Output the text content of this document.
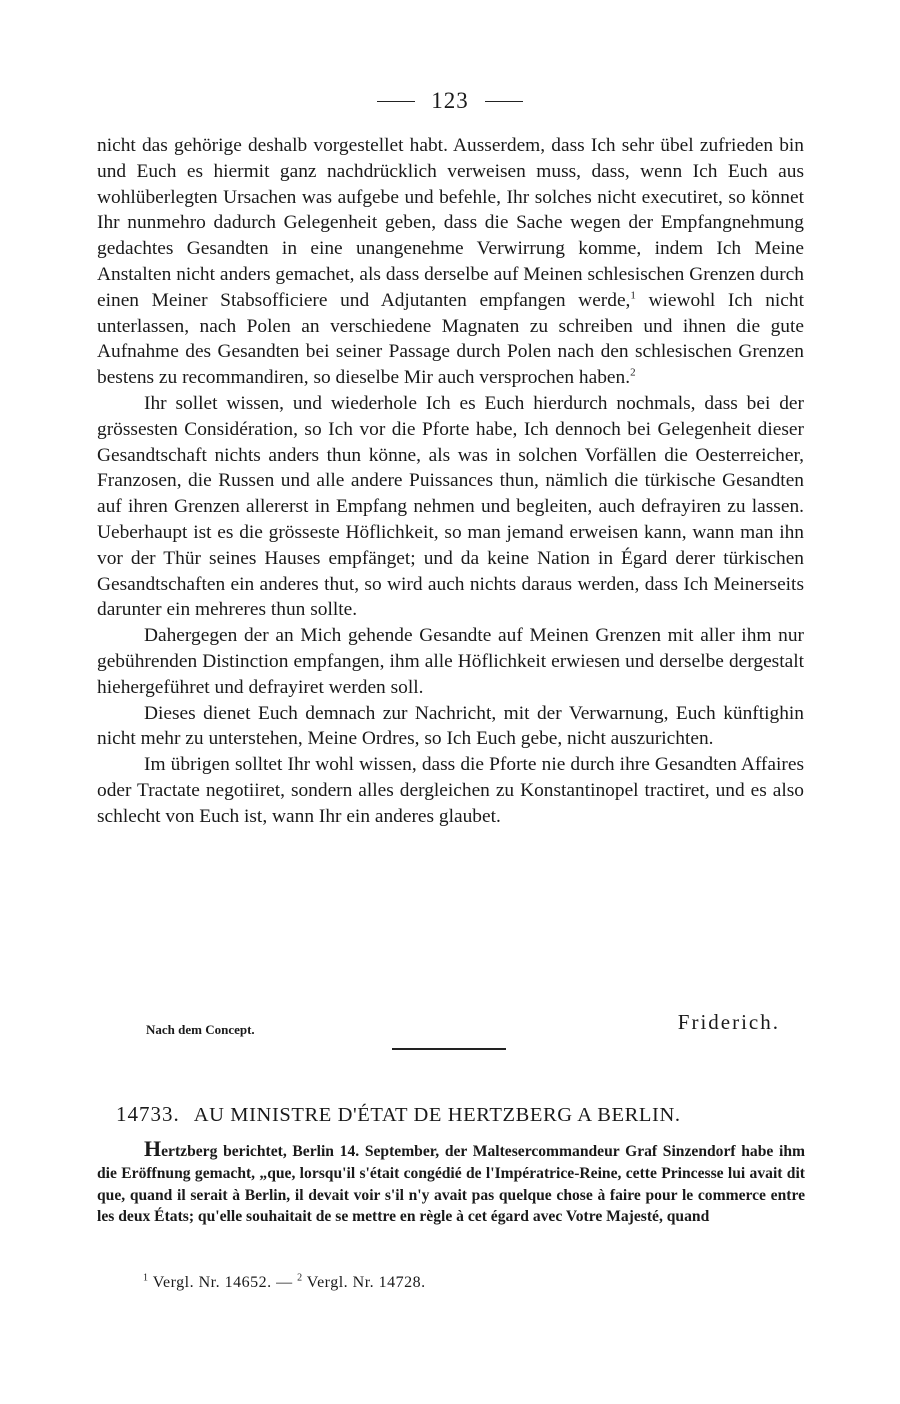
123

nicht das gehörige deshalb vorgestellet habt. Ausserdem, dass Ich sehr übel zufrieden bin und Euch es hiermit ganz nachdrücklich verweisen muss, dass, wenn Ich Euch aus wohlüberlegten Ursachen was aufgebe und befehle, Ihr solches nicht executiret, so könnet Ihr nunmehro dadurch Gelegenheit geben, dass die Sache wegen der Empfangnehmung gedachtes Gesandten in eine unangenehme Verwirrung komme, indem Ich Meine Anstalten nicht anders gemachet, als dass derselbe auf Meinen schlesischen Grenzen durch einen Meiner Stabsofficiere und Adjutanten empfangen werde,$^1$ wiewohl Ich nicht unterlassen, nach Polen an verschiedene Magnaten zu schreiben und ihnen die gute Aufnahme des Gesandten bei seiner Passage durch Polen nach den schlesischen Grenzen bestens zu recommandiren, so dieselbe Mir auch versprochen haben.$^2$

Ihr sollet wissen, und wiederhole Ich es Euch hierdurch nochmals, dass bei der grössesten Considération, so Ich vor die Pforte habe, Ich dennoch bei Gelegenheit dieser Gesandtschaft nichts anders thun könne, als was in solchen Vorfällen die Oesterreicher, Franzosen, die Russen und alle andere Puissances thun, nämlich die türkische Gesandten auf ihren Grenzen allererst in Empfang nehmen und begleiten, auch defrayiren zu lassen. Ueberhaupt ist es die grösseste Höflichkeit, so man jemand erweisen kann, wann man ihn vor der Thür seines Hauses empfänget; und da keine Nation in Égard derer türkischen Gesandtschaften ein anderes thut, so wird auch nichts daraus werden, dass Ich Meinerseits darunter ein mehreres thun sollte.

Dahergegen der an Mich gehende Gesandte auf Meinen Grenzen mit aller ihm nur gebührenden Distinction empfangen, ihm alle Höflichkeit erwiesen und derselbe dergestalt hiehergeführet und defrayiret werden soll.

Dieses dienet Euch demnach zur Nachricht, mit der Verwarnung, Euch künftighin nicht mehr zu unterstehen, Meine Ordres, so Ich Euch gebe, nicht auszurichten.

Im übrigen solltet Ihr wohl wissen, dass die Pforte nie durch ihre Gesandten Affaires oder Tractate negotiiret, sondern alles dergleichen zu Konstantinopel tractiret, und es also schlecht von Euch ist, wann Ihr ein anderes glaubet.

Nach dem Concept.	Friderich.
14733. AU MINISTRE D'ÉTAT DE HERTZBERG A BERLIN.
Hertzberg berichtet, Berlin 14. September, der Maltesercommandeur Graf Sinzendorf habe ihm die Eröffnung gemacht, „que, lorsqu'il s'était congédié de l'Impératrice-Reine, cette Princesse lui avait dit que, quand il serait à Berlin, il devait voir s'il n'y avait pas quelque chose à faire pour le commerce entre les deux États; qu'elle souhaitait de se mettre en règle à cet égard avec Votre Majesté, quand
$^1$ Vergl. Nr. 14652. — $^2$ Vergl. Nr. 14728.
